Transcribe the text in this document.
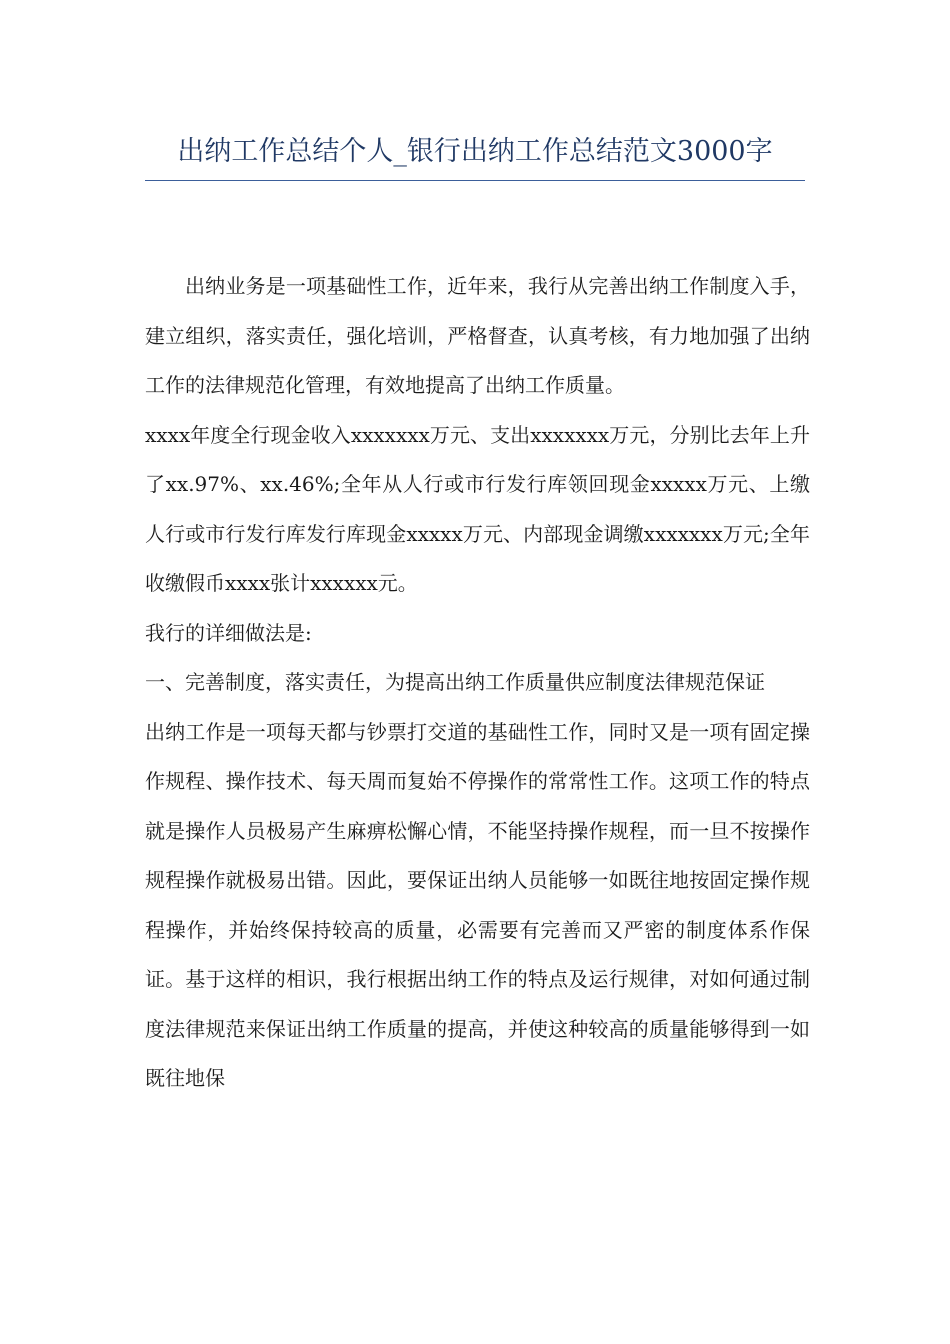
出纳工作总结个人_银行出纳工作总结范文3000字

出纳业务是一项基础性工作，近年来，我行从完善出纳工作制度入手，建立组织，落实责任，强化培训，严格督查，认真考核，有力地加强了出纳工作的法律规范化管理，有效地提高了出纳工作质量。

xxxx年度全行现金收入xxxxxxx万元、支出xxxxxxx万元，分别比去年上升了xx.97%、xx.46%;全年从人行或市行发行库领回现金xxxxx万元、上缴人行或市行发行库发行库现金xxxxx万元、内部现金调缴xxxxxxx万元;全年收缴假币xxxx张计xxxxxx元。

我行的详细做法是:

一、完善制度，落实责任，为提高出纳工作质量供应制度法律规范保证

出纳工作是一项每天都与钞票打交道的基础性工作，同时又是一项有固定操作规程、操作技术、每天周而复始不停操作的常常性工作。这项工作的特点就是操作人员极易产生麻痹松懈心情，不能坚持操作规程，而一旦不按操作规程操作就极易出错。因此，要保证出纳人员能够一如既往地按固定操作规程操作，并始终保持较高的质量，必需要有完善而又严密的制度体系作保证。基于这样的相识，我行根据出纳工作的特点及运行规律，对如何通过制度法律规范来保证出纳工作质量的提高，并使这种较高的质量能够得到一如既往地保
